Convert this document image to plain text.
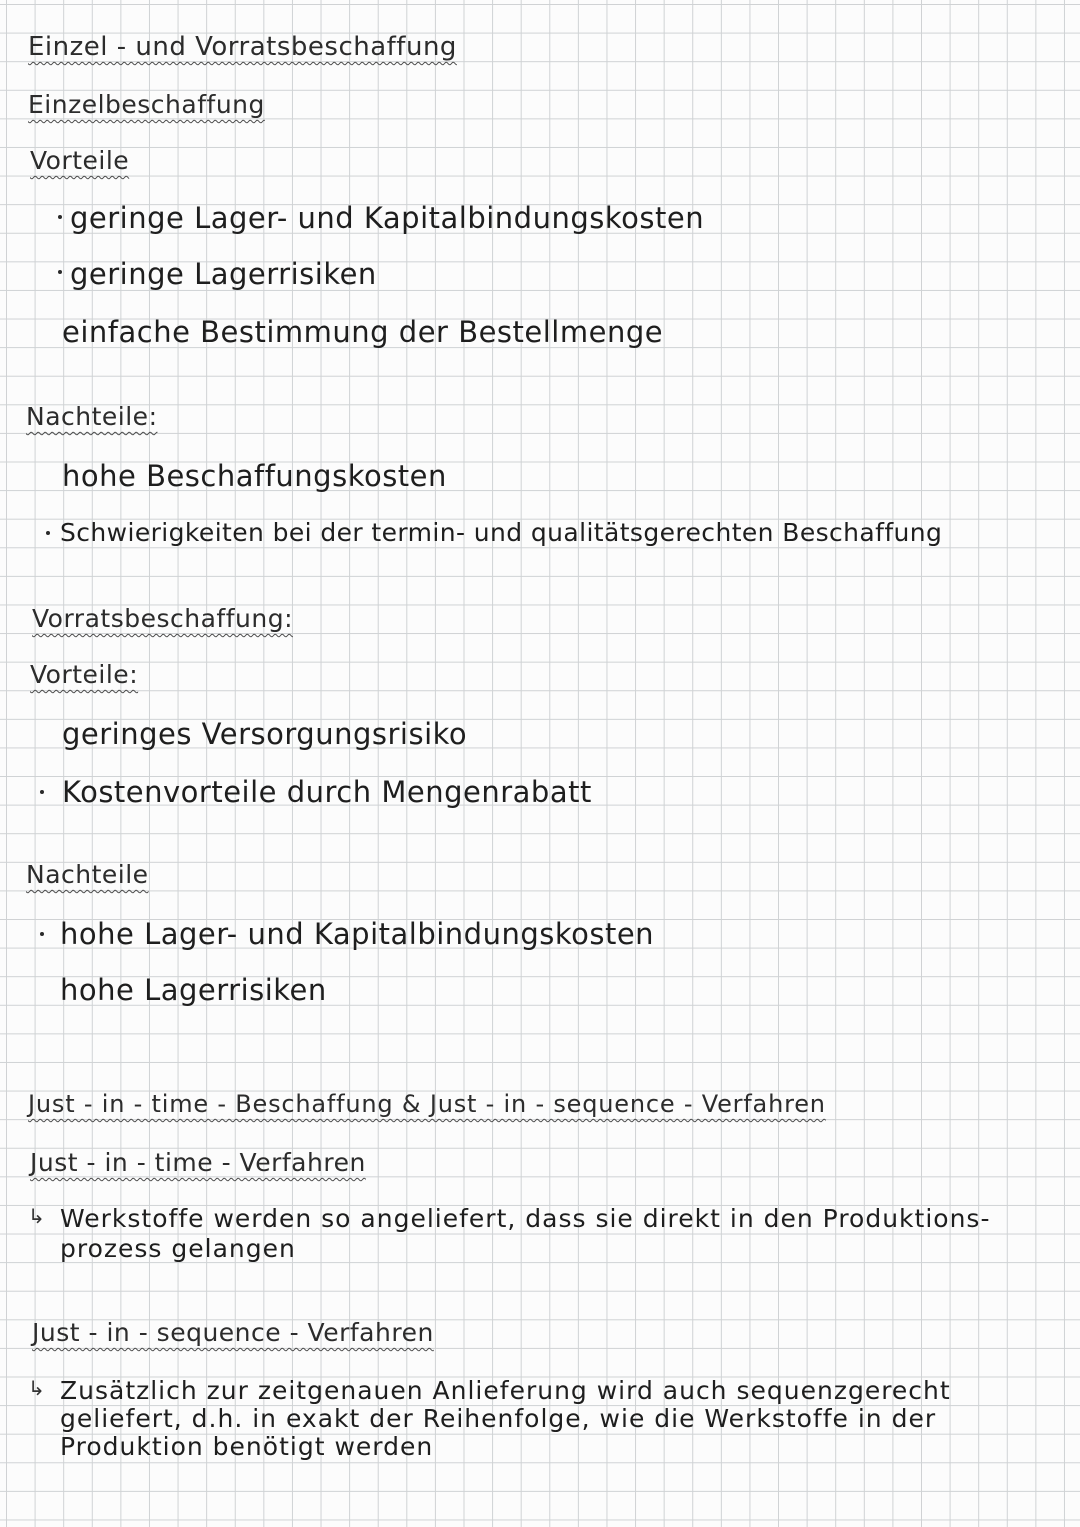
Einzel - und Vorratsbeschaffung
Einzelbeschaffung
Vorteile
geringe Lager- und Kapitalbindungskosten
geringe Lagerrisiken
einfache Bestimmung der Bestellmenge
Nachteile:
hohe Beschaffungskosten
Schwierigkeiten bei der termin- und qualitätsgerechten Beschaffung
Vorratsbeschaffung:
Vorteile:
geringes Versorgungsrisiko
Kostenvorteile durch Mengenrabatt
Nachteile
hohe Lager- und Kapitalbindungskosten
hohe Lagerrisiken
Just - in - time - Beschaffung & Just - in - sequence - Verfahren
Just - in - time - Verfahren
↳ Werkstoffe werden so angeliefert, dass sie direkt in den Produktions-
prozess gelangen
Just - in - sequence - Verfahren
↳ Zusätzlich zur zeitgenauen Anlieferung wird auch sequenzgerecht
geliefert, d.h. in exakt der Reihenfolge, wie die Werkstoffe in der
Produktion benötigt werden
